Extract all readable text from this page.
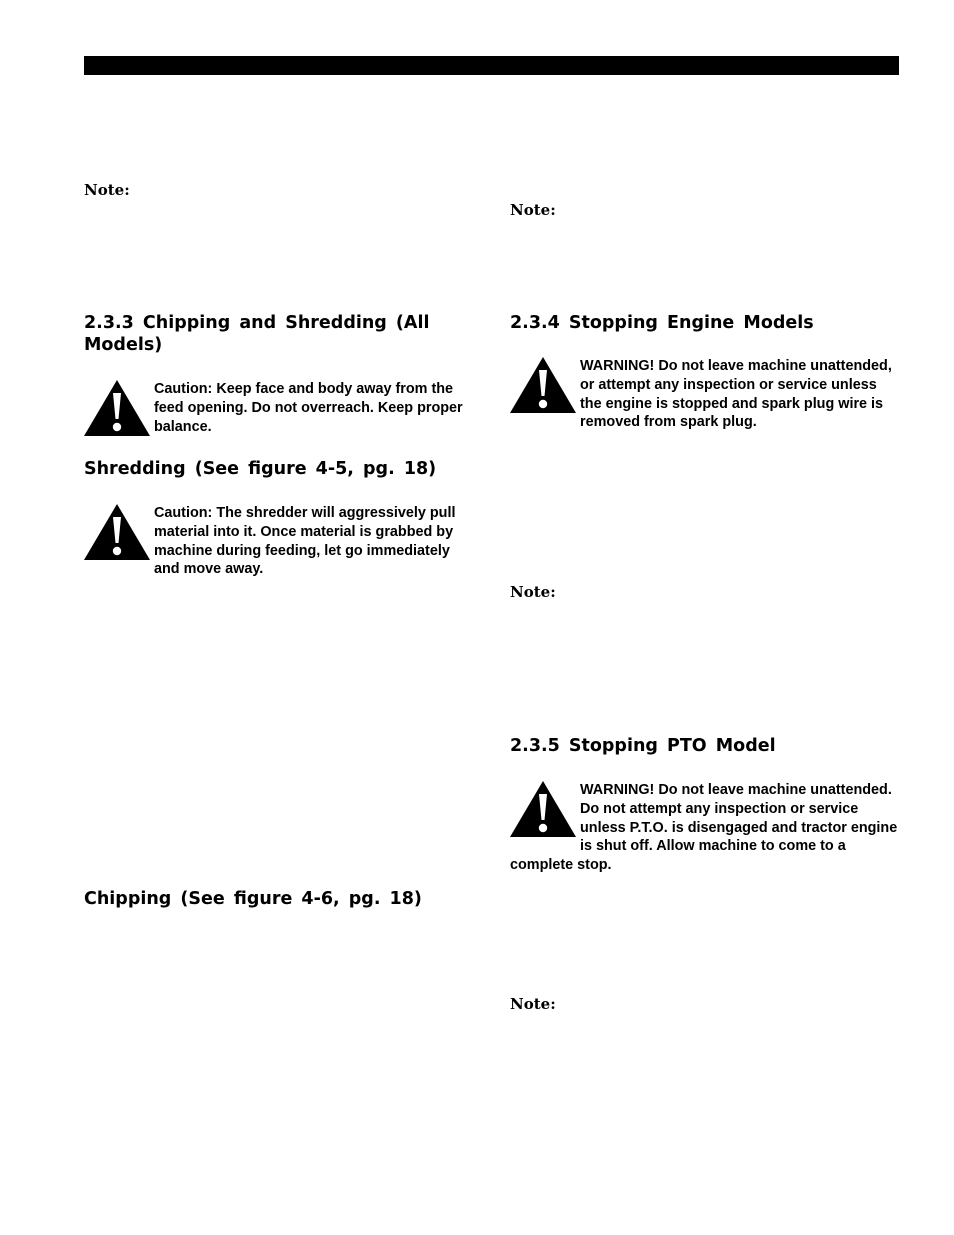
Note:
2.3.3 Chipping and Shredding (All Models)
Caution: Keep face and body away from the feed opening. Do not overreach. Keep proper balance.
Shredding (See figure 4-5, pg. 18)
Caution: The shredder will aggressively pull material into it. Once material is grabbed by machine during feeding, let go immediately and move away.
Chipping (See figure 4-6, pg. 18)
Note:
2.3.4 Stopping Engine Models
WARNING! Do not leave machine unattended, or attempt any inspection or service unless the engine is stopped and spark plug wire is removed from spark plug.
Note:
2.3.5 Stopping PTO Model
WARNING! Do not leave machine unattended. Do not attempt any inspection or service unless P.T.O. is disengaged and tractor engine is shut off. Allow machine to come to a complete stop.
Note:
